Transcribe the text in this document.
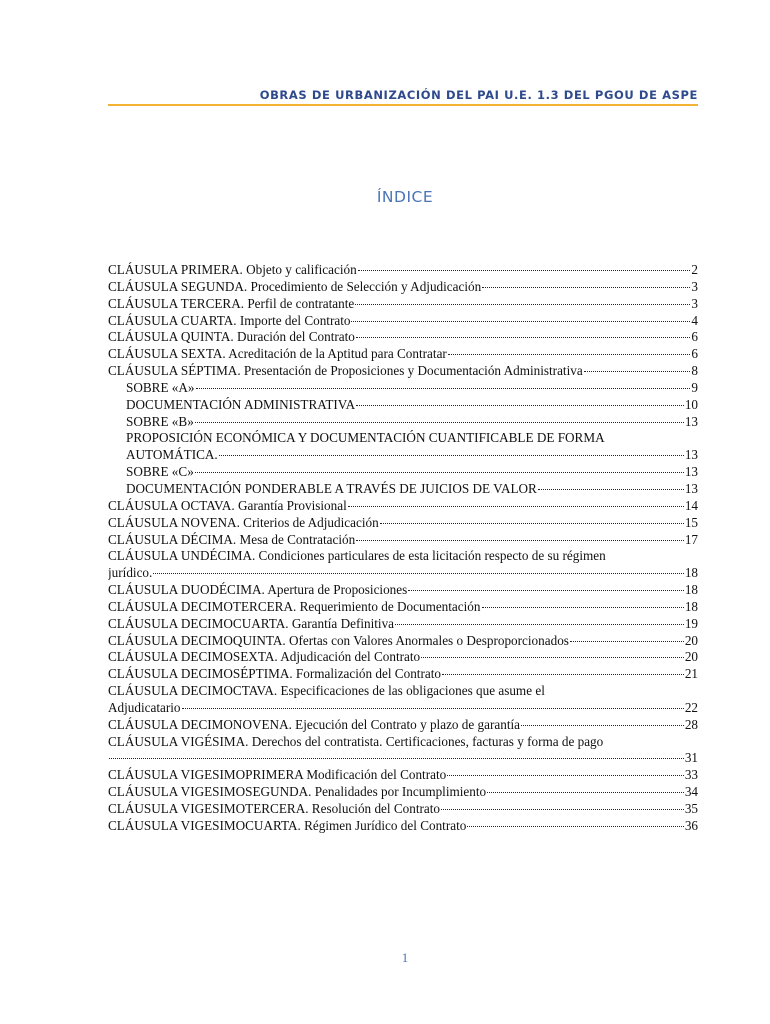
OBRAS DE URBANIZACIÓN DEL PAI U.E. 1.3 DEL PGOU DE ASPE
ÍNDICE
CLÁUSULA PRIMERA. Objeto y calificación	2
CLÁUSULA SEGUNDA. Procedimiento de Selección y Adjudicación	3
CLÁUSULA TERCERA. Perfil de contratante	3
CLÁUSULA CUARTA. Importe del Contrato	4
CLÁUSULA QUINTA. Duración del Contrato	6
CLÁUSULA SEXTA. Acreditación de la Aptitud para Contratar	6
CLÁUSULA SÉPTIMA. Presentación de Proposiciones y Documentación Administrativa	8
SOBRE «A»	9
DOCUMENTACIÓN ADMINISTRATIVA	10
SOBRE «B»	13
PROPOSICIÓN ECONÓMICA Y DOCUMENTACIÓN CUANTIFICABLE DE FORMA
AUTOMÁTICA.	13
SOBRE «C»	13
DOCUMENTACIÓN PONDERABLE A TRAVÉS DE JUICIOS DE VALOR	13
CLÁUSULA OCTAVA. Garantía Provisional	14
CLÁUSULA NOVENA. Criterios de Adjudicación	15
CLÁUSULA DÉCIMA. Mesa de Contratación	17
CLÁUSULA UNDÉCIMA. Condiciones particulares de esta licitación respecto de su régimen
jurídico.	18
CLÁUSULA DUODÉCIMA. Apertura de Proposiciones	18
CLÁUSULA DECIMOTERCERA. Requerimiento de Documentación	18
CLÁUSULA DECIMOCUARTA. Garantía Definitiva	19
CLÁUSULA DECIMOQUINTA. Ofertas con Valores Anormales o Desproporcionados	20
CLÁUSULA DECIMOSEXTA. Adjudicación del Contrato	20
CLÁUSULA DECIMOSÉPTIMA. Formalización del Contrato	21
CLÁUSULA DECIMOCTAVA. Especificaciones de las obligaciones que asume el
Adjudicatario	22
CLÁUSULA DECIMONOVENA. Ejecución del Contrato y plazo de garantía	28
CLÁUSULA VIGÉSIMA. Derechos del contratista. Certificaciones, facturas y forma de pago
31
CLÁUSULA VIGESIMOPRIMERA Modificación del Contrato	33
CLÁUSULA VIGESIMOSEGUNDA. Penalidades por Incumplimiento	34
CLÁUSULA VIGESIMOTERCERA. Resolución del Contrato	35
CLÁUSULA VIGESIMOCUARTA. Régimen Jurídico del Contrato	36
1
